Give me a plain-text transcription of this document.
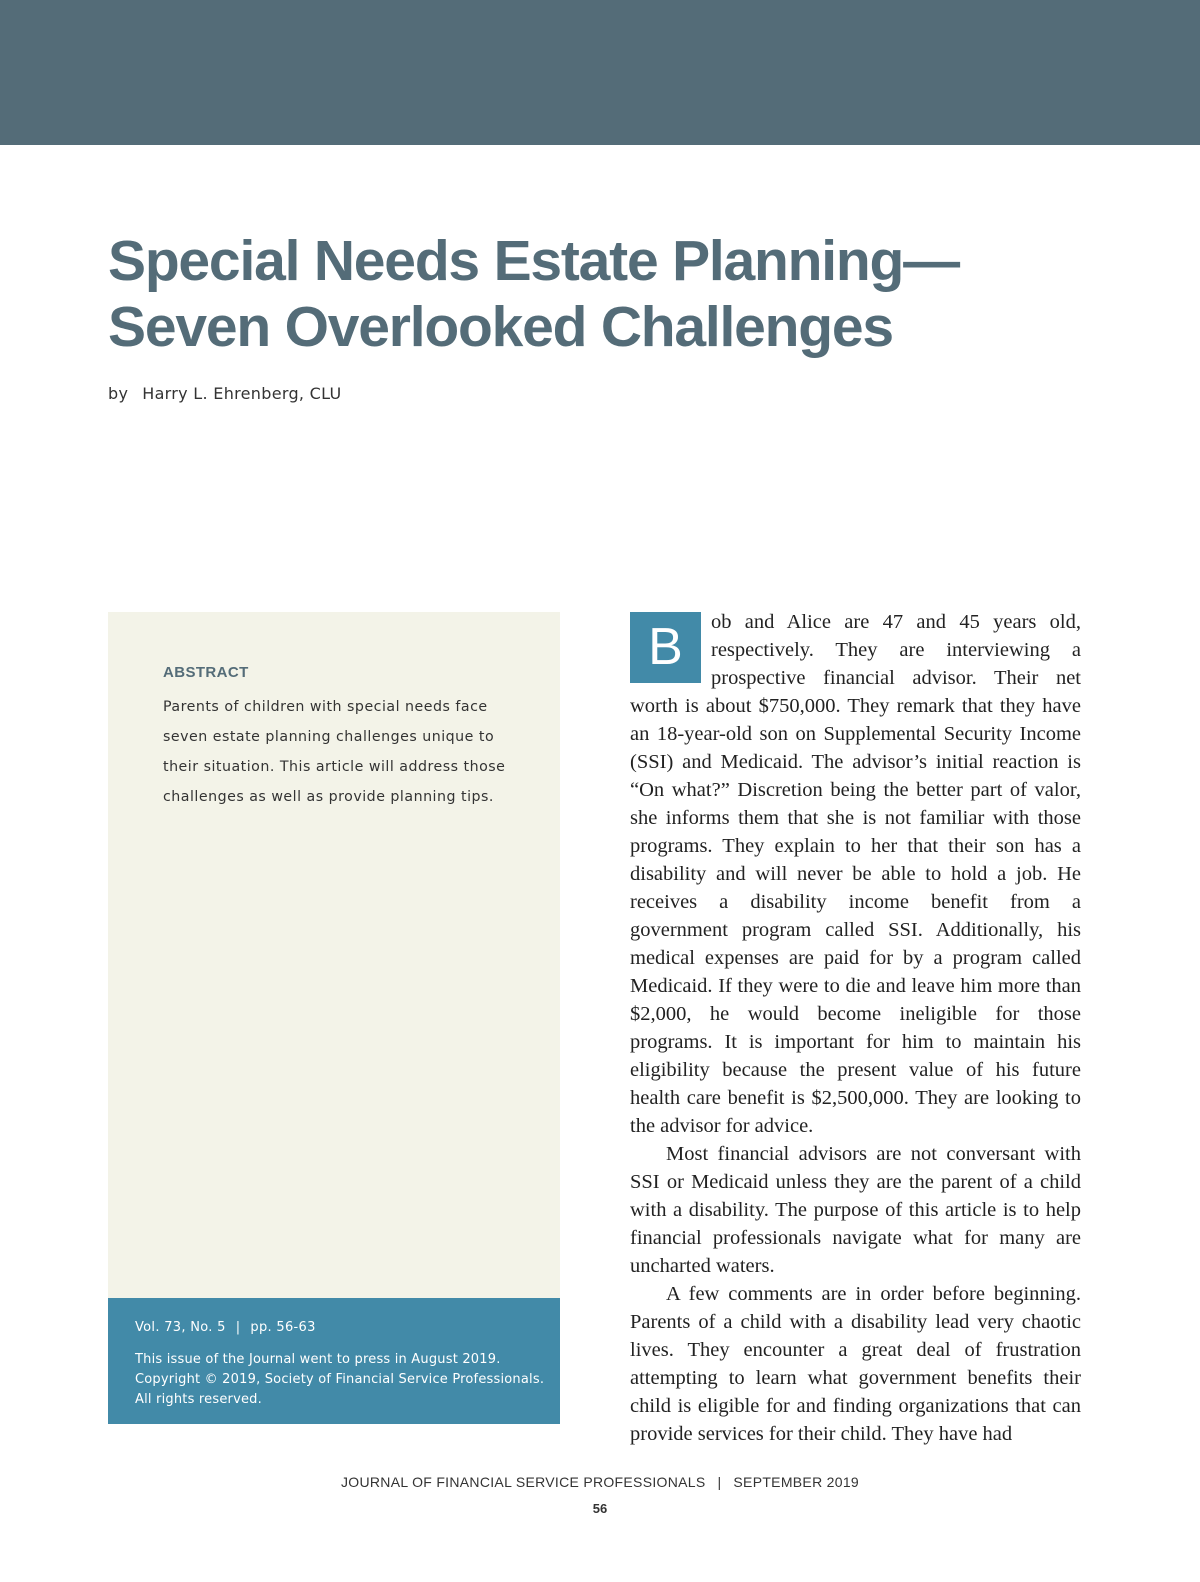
Special Needs Estate Planning—
Seven Overlooked Challenges
by Harry L. Ehrenberg, CLU
ABSTRACT
Parents of children with special needs face seven estate planning challenges unique to their situation. This article will address those challenges as well as provide planning tips.
Vol. 73, No. 5 | pp. 56-63
This issue of the Journal went to press in August 2019. Copyright © 2019, Society of Financial Service Professionals. All rights reserved.

B	ob and Alice are 47 and 45 years old, respectively. They are interviewing a prospective financial advisor. Their net worth is about $750,000. They remark that they have an 18-year-old son on Supplemental Security Income (SSI) and Medicaid. The advisor’s initial reaction is “On what?” Discretion being the better part of valor, she informs them that she is not familiar with those programs. They explain to her that their son has a disability and will never be able to hold a job. He receives a disability income benefit from a government program called SSI. Additionally, his medical expenses are paid for by a program called Medicaid. If they were to die and leave him more than $2,000, he would become ineligible for those programs. It is important for him to maintain his eligibility because the present value of his future health care benefit is $2,500,000. They are looking to the advisor for advice.

Most financial advisors are not conversant with SSI or Medicaid unless they are the parent of a child with a disability. The purpose of this article is to help financial professionals navigate what for many are uncharted waters.

A few comments are in order before beginning. Parents of a child with a disability lead very chaotic lives. They encounter a great deal of frustration attempting to learn what government benefits their child is eligible for and finding organizations that can provide services for their child. They have had

JOURNAL OF FINANCIAL SERVICE PROFESSIONALS | SEPTEMBER 2019
56
